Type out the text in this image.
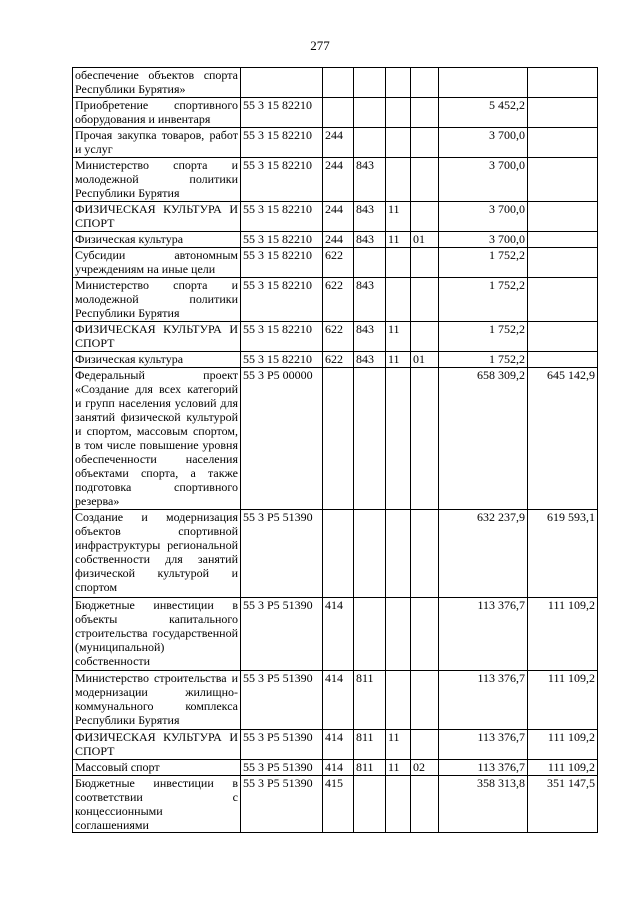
277
обеспечение объектов спорта Республики Бурятия»							
Приобретение спортивного оборудования и инвентаря	55 3 15 82210					5 452,2	
Прочая закупка товаров, работ и услуг	55 3 15 82210	244				3 700,0	
Министерство спорта и молодежной политики Республики Бурятия	55 3 15 82210	244	843			3 700,0	
ФИЗИЧЕСКАЯ КУЛЬТУРА И СПОРТ	55 3 15 82210	244	843	11		3 700,0	
Физическая культура	55 3 15 82210	244	843	11	01	3 700,0	
Субсидии автономным учреждениям на иные цели	55 3 15 82210	622				1 752,2	
Министерство спорта и молодежной политики Республики Бурятия	55 3 15 82210	622	843			1 752,2	
ФИЗИЧЕСКАЯ КУЛЬТУРА И СПОРТ	55 3 15 82210	622	843	11		1 752,2	
Физическая культура	55 3 15 82210	622	843	11	01	1 752,2	
Федеральный проект «Создание для всех категорий и групп населения условий для занятий физической культурой и спортом, массовым спортом, в том числе повышение уровня обеспеченности населения объектами спорта, а также подготовка спортивного резерва»	55 3 P5 00000					658 309,2	645 142,9
Создание и модернизация объектов спортивной инфраструктуры региональной собственности для занятий физической культурой и спортом	55 3 P5 51390					632 237,9	619 593,1
Бюджетные инвестиции в объекты капитального строительства государственной (муниципальной) собственности	55 3 P5 51390	414				113 376,7	111 109,2
Министерство строительства и модернизации жилищно-коммунального комплекса Республики Бурятия	55 3 P5 51390	414	811			113 376,7	111 109,2
ФИЗИЧЕСКАЯ КУЛЬТУРА И СПОРТ	55 3 P5 51390	414	811	11		113 376,7	111 109,2
Массовый спорт	55 3 P5 51390	414	811	11	02	113 376,7	111 109,2
Бюджетные инвестиции в соответствии с концессионными соглашениями	55 3 P5 51390	415				358 313,8	351 147,5
